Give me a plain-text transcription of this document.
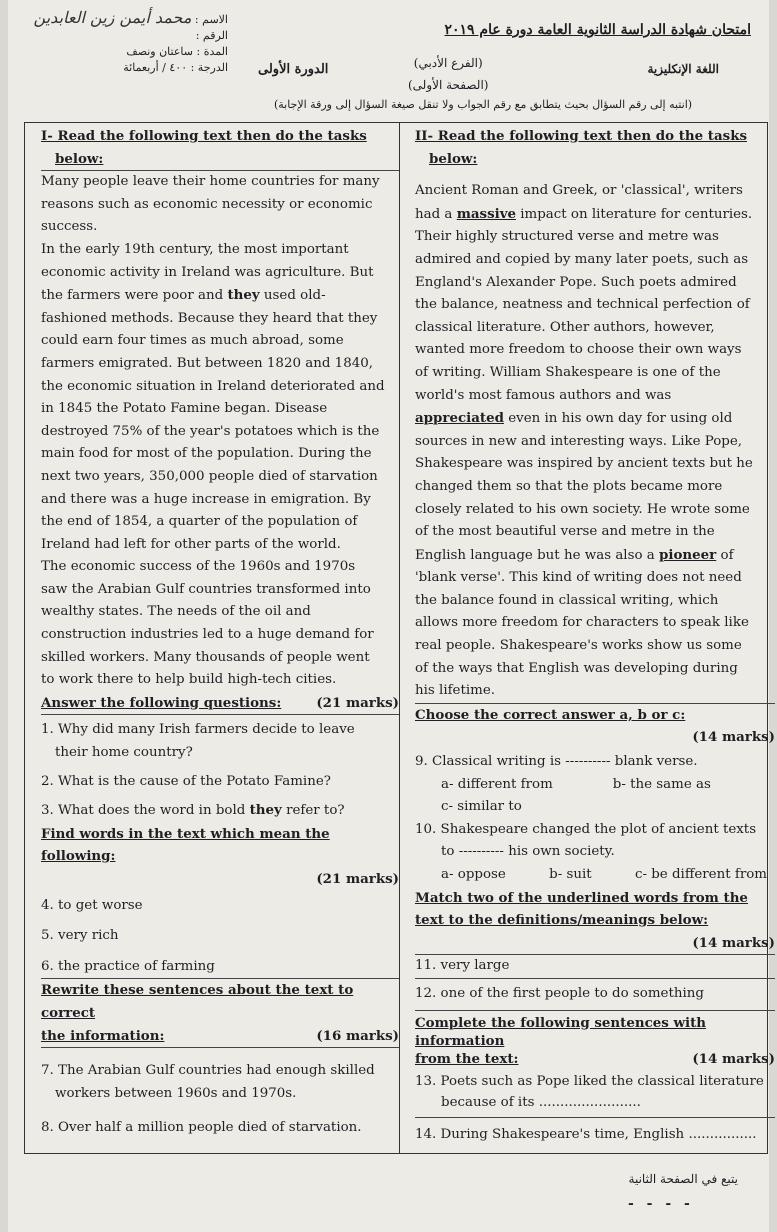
الاسم : محمد أيمن زين العابدين
الرقم :
المدة : ساعتان ونصف
الدرجة : ٤٠٠ / أربعمائة
امتحان شهادة الدراسة الثانوية العامة دورة عام ٢٠١٩
اللغة الإنكليزية
(الفرع الأدبي)
(الصفحة الأولى)
الدورة الأولى
(انتبه إلى رقم السؤال بحيث يتطابق مع رقم الجواب ولا تنقل صيغة السؤال إلى ورقة الإجابة)
I- Read the following text then do the tasks
below:
Many people leave their home countries for many
reasons such as economic necessity or economic
success.
In the early 19th century, the most important
economic activity in Ireland was agriculture. But
the farmers were poor and they used old-
fashioned methods. Because they heard that they
could earn four times as much abroad, some
farmers emigrated. But between 1820 and 1840,
the economic situation in Ireland deteriorated and
in 1845 the Potato Famine began. Disease
destroyed 75% of the year's potatoes which is the
main food for most of the population. During the
next two years, 350,000 people died of starvation
and there was a huge increase in emigration. By
the end of 1854, a quarter of the population of
Ireland had left for other parts of the world.
The economic success of the 1960s and 1970s
saw the Arabian Gulf countries transformed into
wealthy states. The needs of the oil and
construction industries led to a huge demand for
skilled workers. Many thousands of people went
to work there to help build high-tech cities.
Answer the following questions:	(21 marks)
1. Why did many Irish farmers decide to leave
their home country?
2. What is the cause of the Potato Famine?
3. What does the word in bold they refer to?
Find words in the text which mean the following:
(21 marks)
4. to get worse
5. very rich
6. the practice of farming
Rewrite these sentences about the text to correct
the information:	(16 marks)
7. The Arabian Gulf countries had enough skilled
workers between 1960s and 1970s.
8. Over half a million people died of starvation.
II- Read the following text then do the tasks
below:
Ancient Roman and Greek, or 'classical', writers
had a massive impact on literature for centuries.
Their highly structured verse and metre was
admired and copied by many later poets, such as
England's Alexander Pope. Such poets admired
the balance, neatness and technical perfection of
classical literature. Other authors, however,
wanted more freedom to choose their own ways
of writing. William Shakespeare is one of the
world's most famous authors and was
appreciated even in his own day for using old
sources in new and interesting ways. Like Pope,
Shakespeare was inspired by ancient texts but he
changed them so that the plots became more
closely related to his own society. He wrote some
of the most beautiful verse and metre in the
English language but he was also a pioneer of
'blank verse'. This kind of writing does not need
the balance found in classical writing, which
allows more freedom for characters to speak like
real people. Shakespeare's works show us some
of the ways that English was developing during
his lifetime.
Choose the correct answer a, b or c:
(14 marks)
9. Classical writing is ---------- blank verse.
a- different from	b- the same as
c- similar to
10. Shakespeare changed the plot of ancient texts
to ---------- his own society.
a- oppose	b- suit	c- be different from
Match two of the underlined words from the
text to the definitions/meanings below:
(14 marks)
11. very large
12. one of the first people to do something
Complete the following sentences with information
from the text:	(14 marks)
13. Poets such as Pope liked the classical literature
because of its ........................
14. During Shakespeare's time, English ................
يتبع في الصفحة الثانية
- - - -
